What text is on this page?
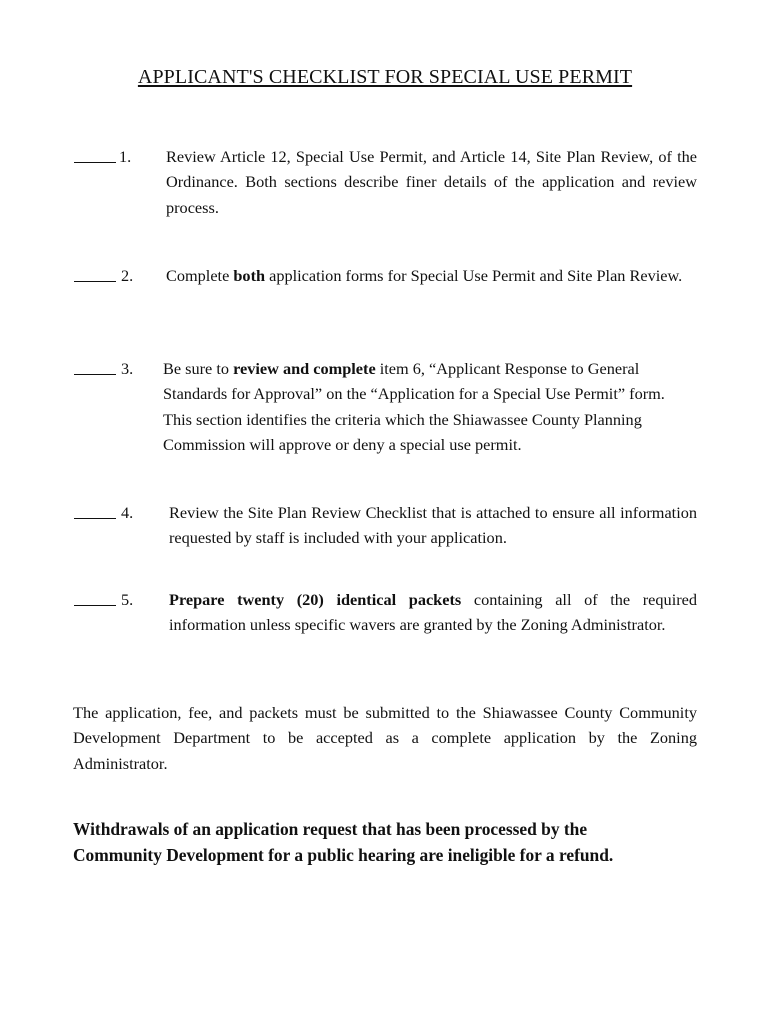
APPLICANT'S CHECKLIST FOR SPECIAL USE PERMIT
1. Review Article 12, Special Use Permit, and Article 14, Site Plan Review, of the Ordinance. Both sections describe finer details of the application and review process.
2. Complete both application forms for Special Use Permit and Site Plan Review.
3. Be sure to review and complete item 6, “Applicant Response to General Standards for Approval” on the “Application for a Special Use Permit” form. This section identifies the criteria which the Shiawassee County Planning Commission will approve or deny a special use permit.
4. Review the Site Plan Review Checklist that is attached to ensure all information requested by staff is included with your application.
5. Prepare twenty (20) identical packets containing all of the required information unless specific wavers are granted by the Zoning Administrator.
The application, fee, and packets must be submitted to the Shiawassee County Community Development Department to be accepted as a complete application by the Zoning Administrator.
Withdrawals of an application request that has been processed by the Community Development for a public hearing are ineligible for a refund.
